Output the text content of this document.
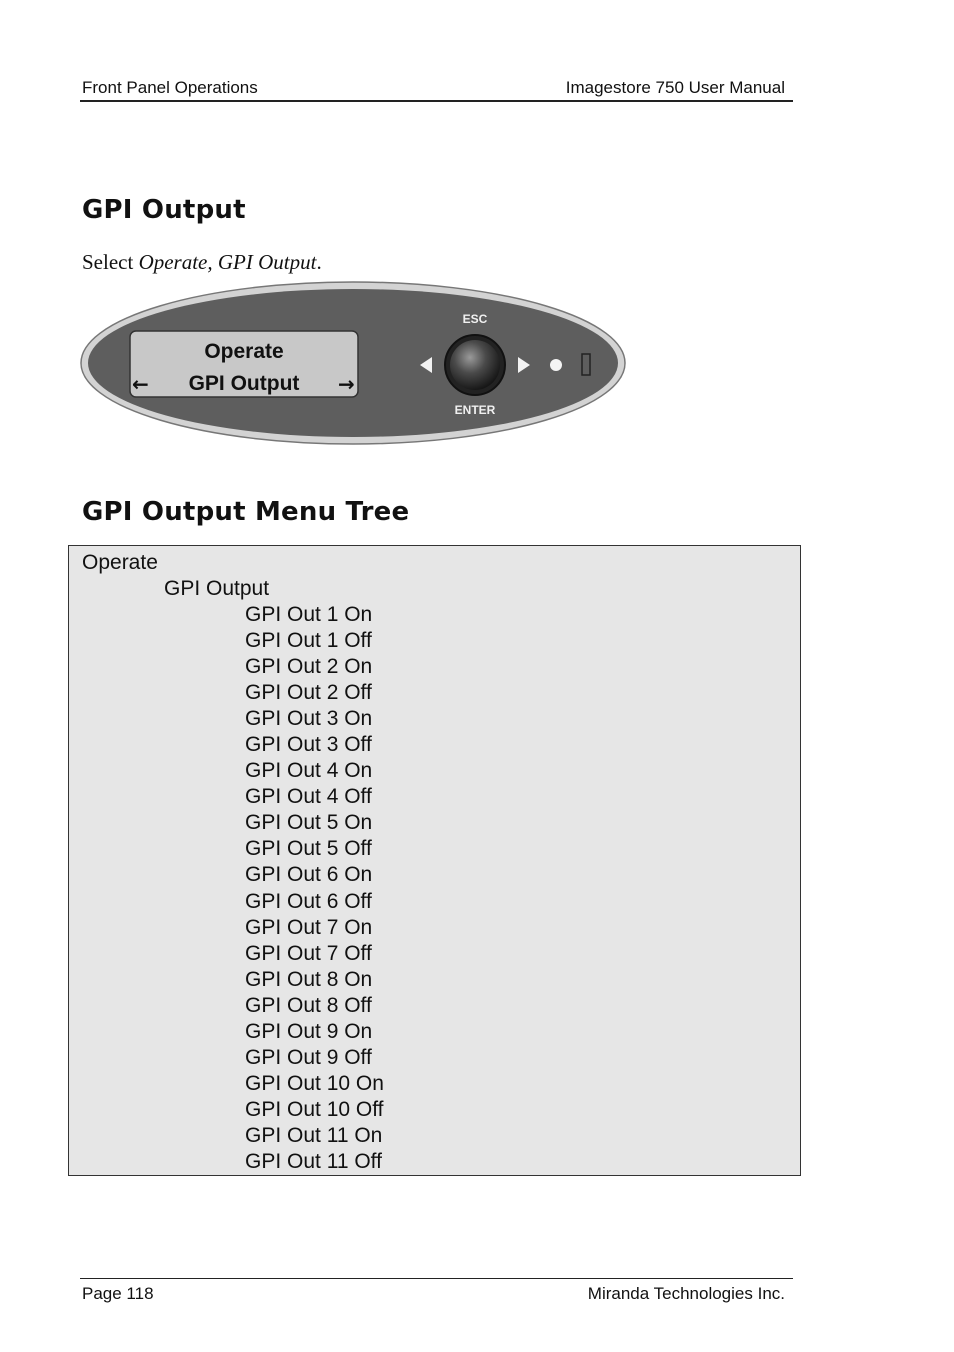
Front Panel Operations	Imagestore 750 User Manual
GPI Output
Select Operate, GPI Output.
Operate
GPI Output
←	→
ESC
ENTER
GPI Output Menu Tree
Operate
GPI Output
GPI Out 1 On
GPI Out 1 Off
GPI Out 2 On
GPI Out 2 Off
GPI Out 3 On
GPI Out 3 Off
GPI Out 4 On
GPI Out 4 Off
GPI Out 5 On
GPI Out 5 Off
GPI Out 6 On
GPI Out 6 Off
GPI Out 7 On
GPI Out 7 Off
GPI Out 8 On
GPI Out 8 Off
GPI Out 9 On
GPI Out 9 Off
GPI Out 10 On
GPI Out 10 Off
GPI Out 11 On
GPI Out 11 Off
Page 118	Miranda Technologies Inc.
